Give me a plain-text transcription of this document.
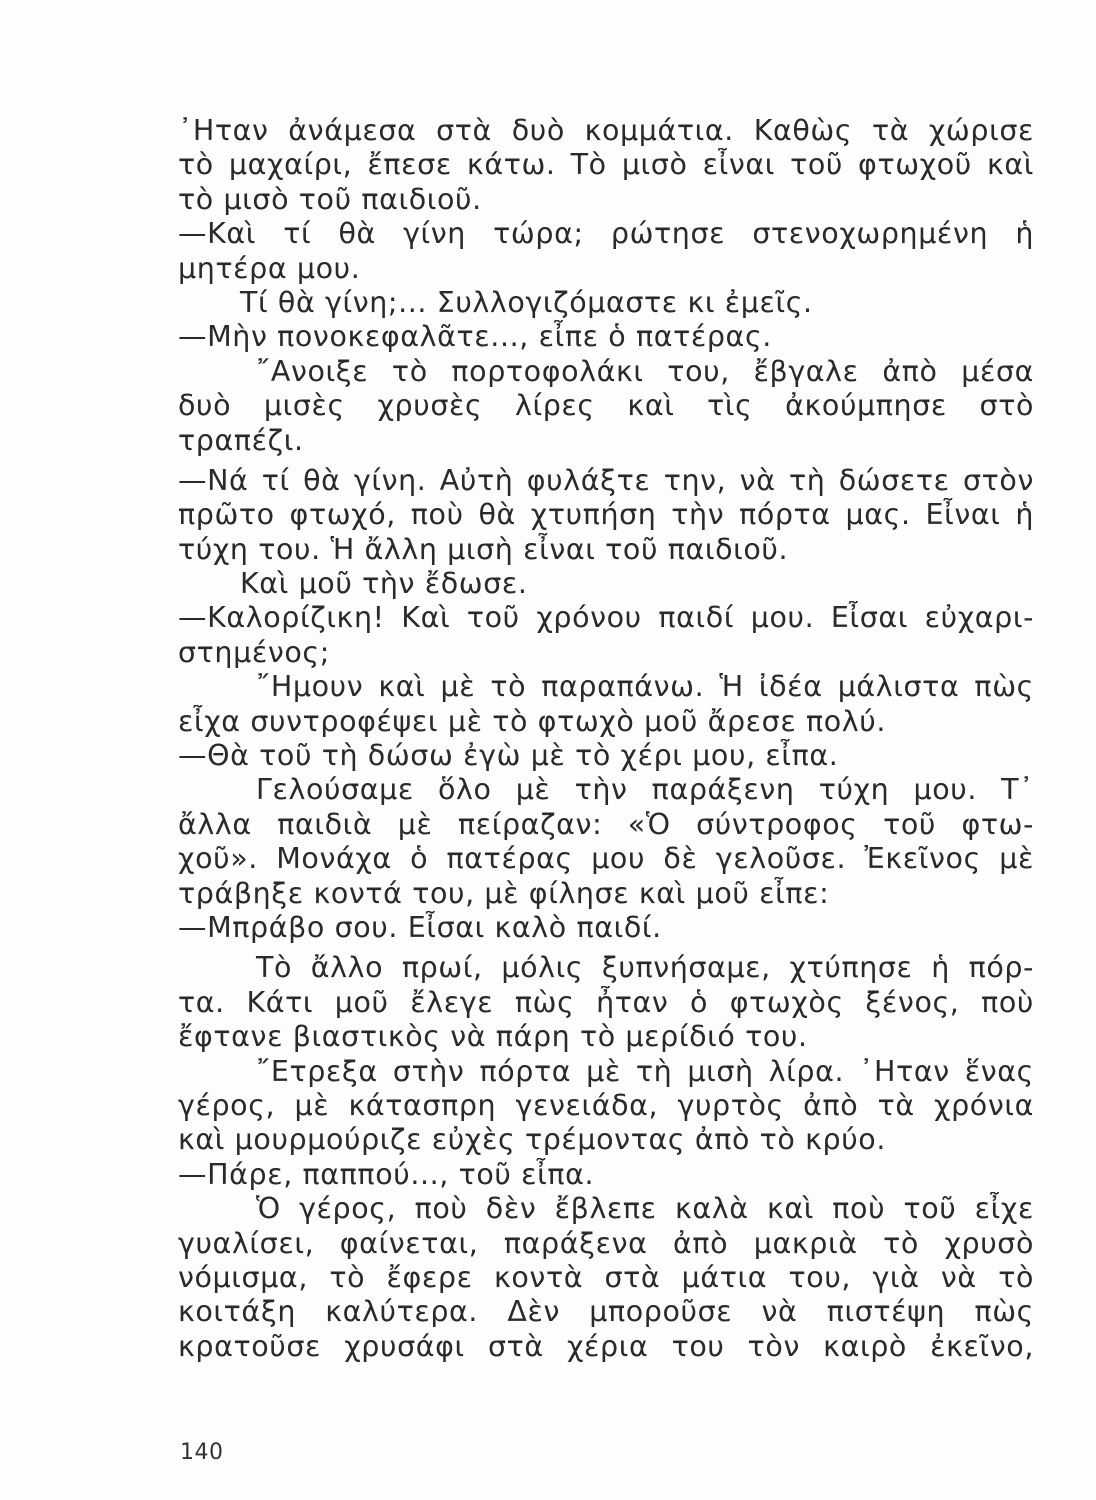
᾿Ηταν ἀνάμεσα στὰ δυὸ κομμάτια. Καθὼς τὰ χώρισε
τὸ μαχαίρι, ἔπεσε κάτω. Τὸ μισὸ εἶναι τοῦ φτωχοῦ καὶ
τὸ μισὸ τοῦ παιδιοῦ.
—Καὶ τί θὰ γίνη τώρα; ρώτησε στενοχωρημένη ἡ
μητέρα μου.
Τί θὰ γίνη;... Συλλογιζόμαστε κι ἐμεῖς.
—Μὴν πονοκεφαλᾶτε..., εἶπε ὁ πατέρας.
῎Ανοιξε τὸ πορτοφολάκι του, ἔβγαλε ἀπὸ μέσα
δυὸ μισὲς χρυσὲς λίρες καὶ τὶς ἀκούμπησε στὸ
τραπέζι.
—Νά τί θὰ γίνη. Αὐτὴ φυλάξτε την, νὰ τὴ δώσετε στὸν
πρῶτο φτωχό, ποὺ θὰ χτυπήση τὴν πόρτα μας. Εἶναι ἡ
τύχη του. Ἡ ἄλλη μισὴ εἶναι τοῦ παιδιοῦ.
Καὶ μοῦ τὴν ἔδωσε.
—Καλορίζικη! Καὶ τοῦ χρόνου παιδί μου. Εἶσαι εὐχαρι-
στημένος;
῎Ημουν καὶ μὲ τὸ παραπάνω. Ἡ ἰδέα μάλιστα πὼς
εἶχα συντροφέψει μὲ τὸ φτωχὸ μοῦ ἄρεσε πολύ.
—Θὰ τοῦ τὴ δώσω ἐγὼ μὲ τὸ χέρι μου, εἶπα.
Γελούσαμε ὅλο μὲ τὴν παράξενη τύχη μου. Τ᾿
ἄλλα παιδιὰ μὲ πείραζαν: «Ὁ σύντροφος τοῦ φτω-
χοῦ». Μονάχα ὁ πατέρας μου δὲ γελοῦσε. Ἐκεῖνος μὲ
τράβηξε κοντά του, μὲ φίλησε καὶ μοῦ εἶπε:
—Μπράβο σου. Εἶσαι καλὸ παιδί.
Τὸ ἄλλο πρωί, μόλις ξυπνήσαμε, χτύπησε ἡ πόρ-
τα. Κάτι μοῦ ἔλεγε πὼς ἦταν ὁ φτωχὸς ξένος, ποὺ
ἔφτανε βιαστικὸς νὰ πάρη τὸ μερίδιό του.
῎Ετρεξα στὴν πόρτα μὲ τὴ μισὴ λίρα. ᾿Ηταν ἕνας
γέρος, μὲ κάτασπρη γενειάδα, γυρτὸς ἀπὸ τὰ χρόνια
καὶ μουρμούριζε εὐχὲς τρέμοντας ἀπὸ τὸ κρύο.
—Πάρε, παππού..., τοῦ εἶπα.
Ὁ γέρος, ποὺ δὲν ἔβλεπε καλὰ καὶ ποὺ τοῦ εἶχε
γυαλίσει, φαίνεται, παράξενα ἀπὸ μακριὰ τὸ χρυσὸ
νόμισμα, τὸ ἔφερε κοντὰ στὰ μάτια του, γιὰ νὰ τὸ
κοιτάξη καλύτερα. Δὲν μποροῦσε νὰ πιστέψη πὼς
κρατοῦσε χρυσάφι στὰ χέρια του τὸν καιρὸ ἐκεῖνο,
140
